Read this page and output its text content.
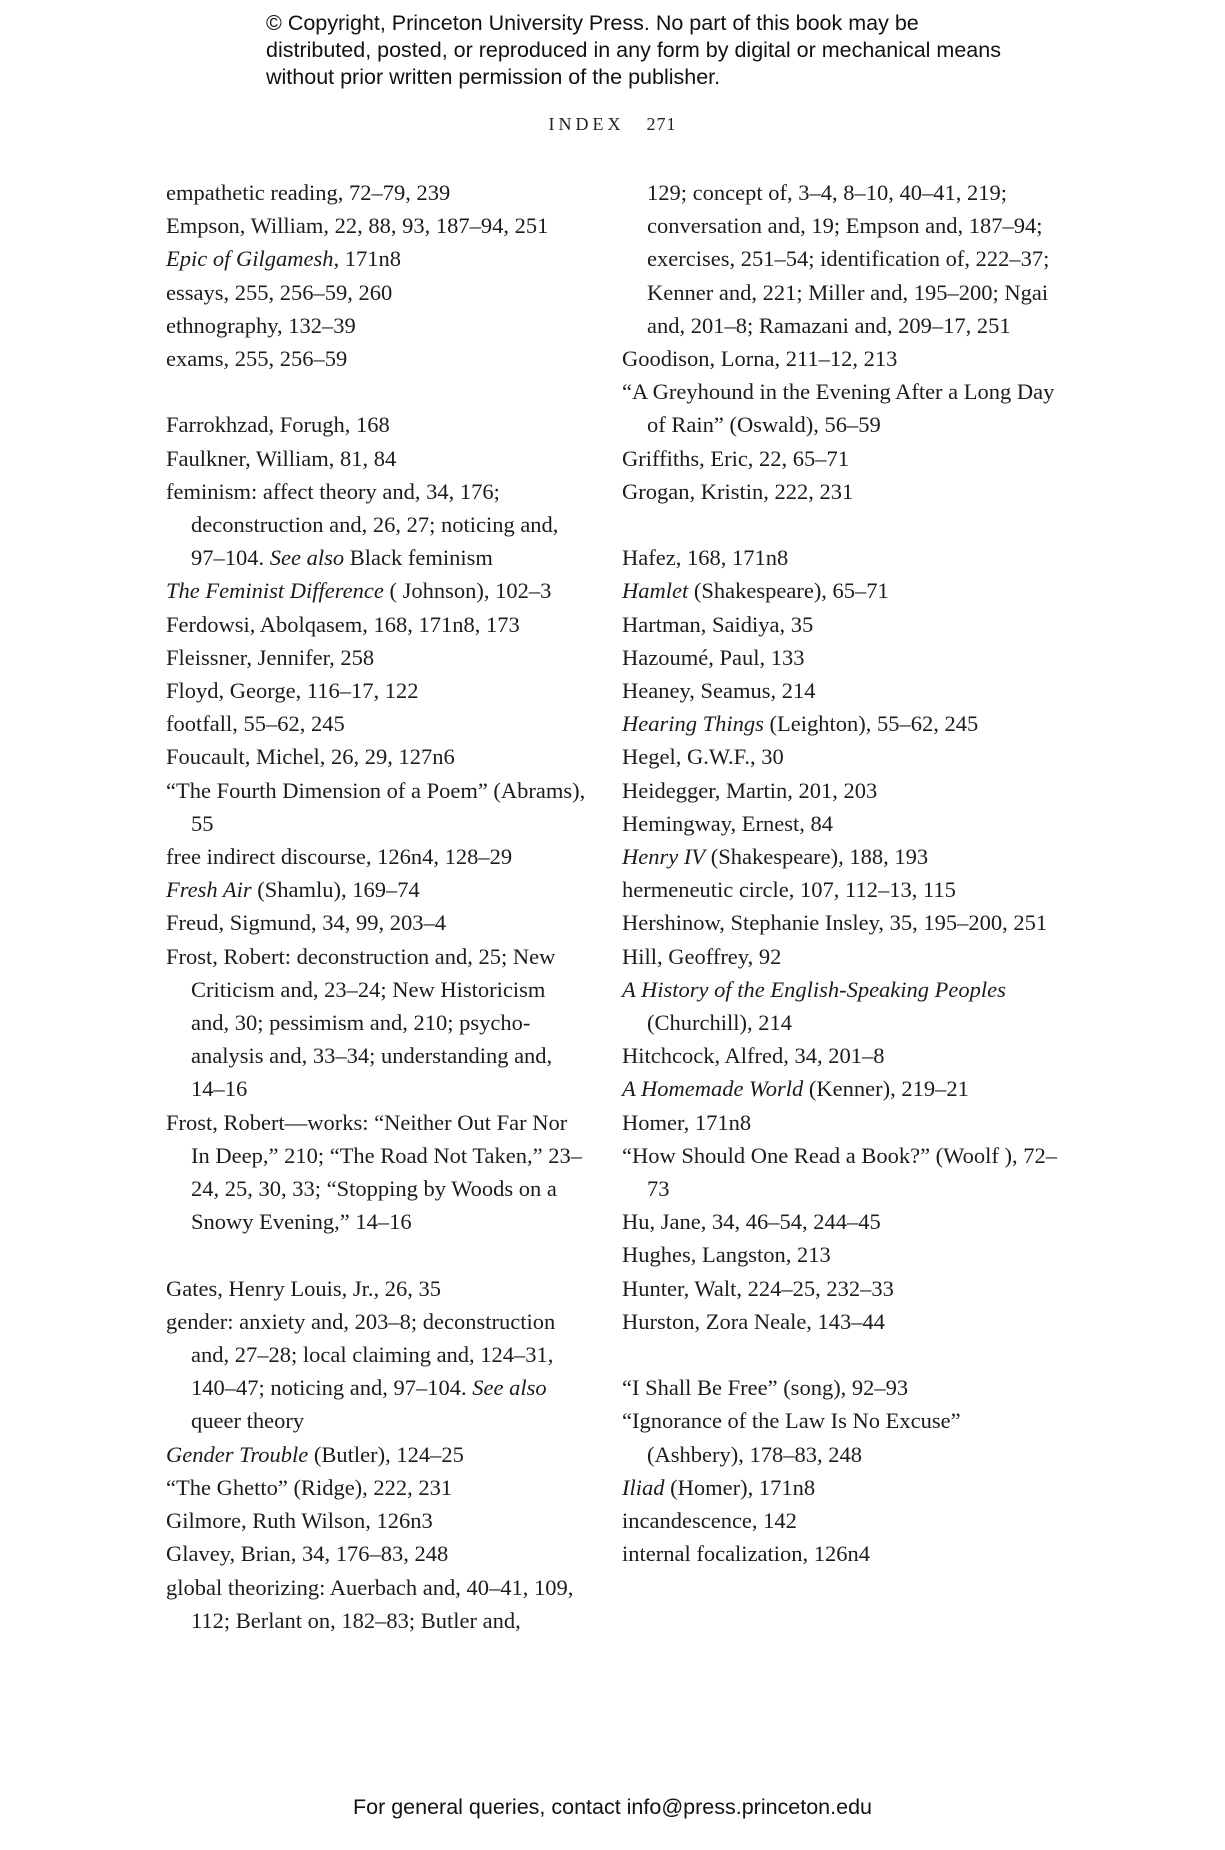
© Copyright, Princeton University Press. No part of this book may be distributed, posted, or reproduced in any form by digital or mechanical means without prior written permission of the publisher.
INDEX 271

empathetic reading, 72–79, 239

Empson, William, 22, 88, 93, 187–94, 251

Epic of Gilgamesh, 171n8

essays, 255, 256–59, 260

ethnography, 132–39

exams, 255, 256–59

Farrokhzad, Forugh, 168

Faulkner, William, 81, 84

feminism: affect theory and, 34, 176; deconstruction and, 26, 27; noticing and, 97–104. See also Black feminism

The Feminist Difference ( Johnson), 102–3

Ferdowsi, Abolqasem, 168, 171n8, 173

Fleissner, Jennifer, 258

Floyd, George, 116–17, 122

footfall, 55–62, 245

Foucault, Michel, 26, 29, 127n6

“The Fourth Dimension of a Poem” (Abrams), 55

free indirect discourse, 126n4, 128–29

Fresh Air (Shamlu), 169–74

Freud, Sigmund, 34, 99, 203–4

Frost, Robert: deconstruction and, 25; New Criticism and, 23–24; New Historicism and, 30; pessimism and, 210; psycho-analysis and, 33–34; understanding and, 14–16

Frost, Robert—works: “Neither Out Far Nor In Deep,” 210; “The Road Not Taken,” 23–24, 25, 30, 33; “Stopping by Woods on a Snowy Evening,” 14–16

Gates, Henry Louis, Jr., 26, 35

gender: anxiety and, 203–8; deconstruction and, 27–28; local claiming and, 124–31, 140–47; noticing and, 97–104. See also queer theory

Gender Trouble (Butler), 124–25

“The Ghetto” (Ridge), 222, 231

Gilmore, Ruth Wilson, 126n3

Glavey, Brian, 34, 176–83, 248

global theorizing: Auerbach and, 40–41, 109, 112; Berlant on, 182–83; Butler and,

129; concept of, 3–4, 8–10, 40–41, 219; conversation and, 19; Empson and, 187–94; exercises, 251–54; identification of, 222–37; Kenner and, 221; Miller and, 195–200; Ngai and, 201–8; Ramazani and, 209–17, 251

Goodison, Lorna, 211–12, 213

“A Greyhound in the Evening After a Long Day of Rain” (Oswald), 56–59

Griffiths, Eric, 22, 65–71

Grogan, Kristin, 222, 231

Hafez, 168, 171n8

Hamlet (Shakespeare), 65–71

Hartman, Saidiya, 35

Hazoumé, Paul, 133

Heaney, Seamus, 214

Hearing Things (Leighton), 55–62, 245

Hegel, G.W.F., 30

Heidegger, Martin, 201, 203

Hemingway, Ernest, 84

Henry IV (Shakespeare), 188, 193

hermeneutic circle, 107, 112–13, 115

Hershinow, Stephanie Insley, 35, 195–200, 251

Hill, Geoffrey, 92

A History of the English-Speaking Peoples (Churchill), 214

Hitchcock, Alfred, 34, 201–8

A Homemade World (Kenner), 219–21

Homer, 171n8

“How Should One Read a Book?” (Woolf ), 72–73

Hu, Jane, 34, 46–54, 244–45

Hughes, Langston, 213

Hunter, Walt, 224–25, 232–33

Hurston, Zora Neale, 143–44

“I Shall Be Free” (song), 92–93

“Ignorance of the Law Is No Excuse” (Ashbery), 178–83, 248

Iliad (Homer), 171n8

incandescence, 142

internal focalization, 126n4

For general queries, contact info@press.princeton.edu
